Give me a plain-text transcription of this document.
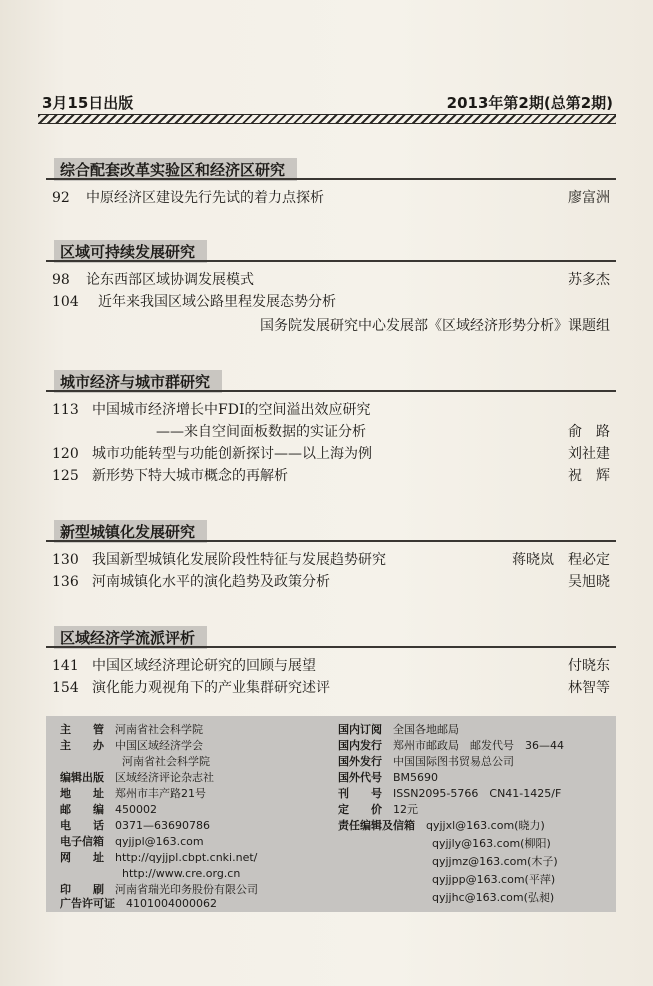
3月15日出版	2013年第2期(总第2期)
综合配套改革实验区和经济区研究
92 中原经济区建设先行先试的着力点探析	廖富洲
区域可持续发展研究
98 论东西部区域协调发展模式	苏多杰
104 近年来我国区域公路里程发展态势分析
国务院发展研究中心发展部《区域经济形势分析》课题组
城市经济与城市群研究
113 中国城市经济增长中FDI的空间溢出效应研究
——来自空间面板数据的实证分析	俞　路
120 城市功能转型与功能创新探讨——以上海为例	刘社建
125 新形势下特大城市概念的再解析	祝　辉
新型城镇化发展研究
130 我国新型城镇化发展阶段性特征与发展趋势研究	蒋晓岚　程必定
136 河南城镇化水平的演化趋势及政策分析	吴旭晓
区域经济学流派评析
141 中国区域经济理论研究的回顾与展望	付晓东
154 演化能力观视角下的产业集群研究述评	林智等
主　　管　 河南省社会科学院
主　　办　 中国区域经济学会
河南省社会科学院
编辑出版　 区域经济评论杂志社
地　　址　 郑州市丰产路21号
邮　　编　 450002
电　　话　 0371—63690786
电子信箱　 qyjjpl@163.com
网　　址　 http://qyjjpl.cbpt.cnki.net/
http://www.cre.org.cn
印　　刷　 河南省瑞光印务股份有限公司
广告许可证　 4101004000062
国内订阅　 全国各地邮局
国内发行　 郑州市邮政局　邮发代号　36—44
国外发行　 中国国际图书贸易总公司
国外代号　 BM5690
刊　　号　 ISSN2095-5766　CN41-1425/F
定　　价　 12元
责任编辑及信箱　 qyjjxl@163.com(晓力)
qyjjly@163.com(柳阳)
qyjjmz@163.com(木子)
qyjjpp@163.com(平萍)
qyjjhc@163.com(弘昶)
